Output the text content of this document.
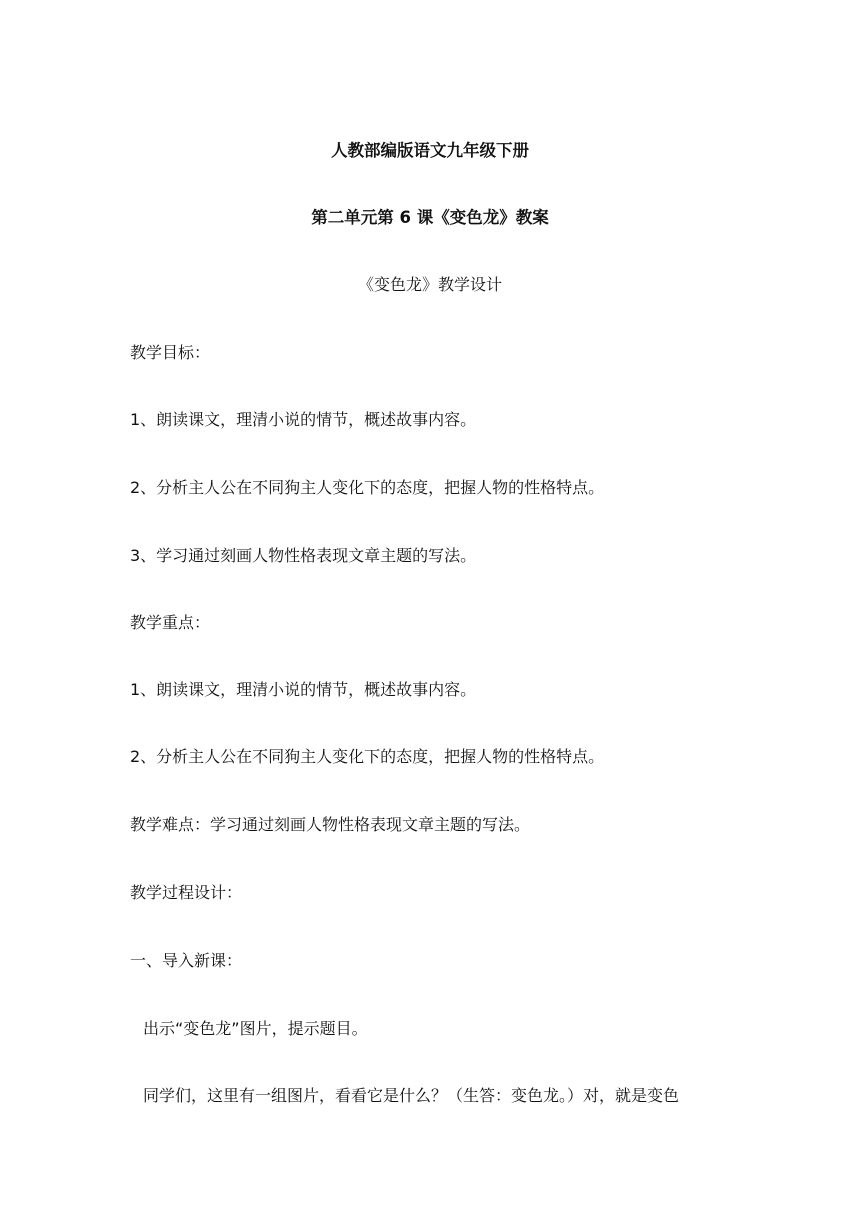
人教部编版语文九年级下册
第二单元第 6 课《变色龙》教案
《变色龙》教学设计
教学目标：
1、朗读课文，理清小说的情节，概述故事内容。
2、分析主人公在不同狗主人变化下的态度，把握人物的性格特点。
3、学习通过刻画人物性格表现文章主题的写法。
教学重点：
1、朗读课文，理清小说的情节，概述故事内容。
2、分析主人公在不同狗主人变化下的态度，把握人物的性格特点。
教学难点：学习通过刻画人物性格表现文章主题的写法。
教学过程设计：
一、导入新课：
出示“变色龙”图片，提示题目。
同学们，这里有一组图片，看看它是什么？（生答：变色龙。）对，就是变色
